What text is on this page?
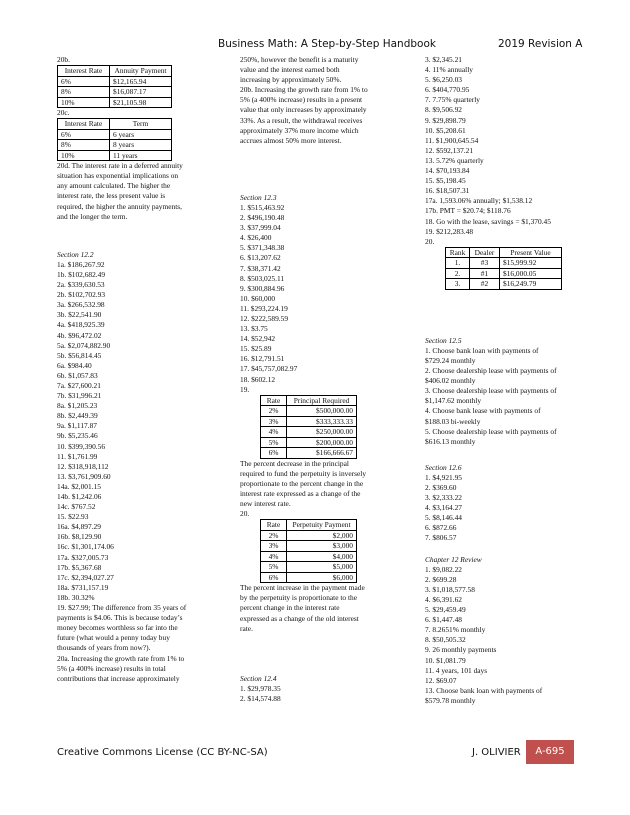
Business Math: A Step-by-Step Handbook	2019 Revision A
20b.
Interest Rate	Annuity Payment
6%	$12,165.94
8%	$16,087.17
10%	$21,105.98
20c.
Interest Rate	Term
6%	6 years
8%	8 years
10%	11 years
20d. The interest rate in a deferred annuity
situation has exponential implications on
any amount calculated. The higher the
interest rate, the less present value is
required, the higher the annuity payments,
and the longer the term.
Section 12.2
1a. $186,267.92
1b. $102,682.49
2a. $339,630.53
2b. $102,702.93
3a. $266,532.98
3b. $22,541.90
4a. $418,925.39
4b. $96,472.02
5a. $2,074,882.90
5b. $56,814.45
6a. $984.40
6b. $1,057.83
7a. $27,600.21
7b. $31,996.21
8a. $1,205.23
8b. $2,449.39
9a. $1,117.87
9b. $5,235.46
10. $399,390.56
11. $1,761.99
12. $318,918,112
13. $3,761,909.60
14a. $2,001.15
14b. $1,242.06
14c. $767.52
15. $22.93
16a. $4,897.29
16b. $8,129.90
16c. $1,301,174.06
17a. $327,005.73
17b. $5,367.68
17c. $2,394,027.27
18a. $731,157.19
18b. 30.32%
19. $27.99; The difference from 35 years of
payments is $4.06. This is because today’s
money becomes worthless so far into the
future (what would a penny today buy
thousands of years from now?).
20a. Increasing the growth rate from 1% to
5% (a 400% increase) results in total
contributions that increase approximately
250%, however the benefit is a maturity
value and the interest earned both
increasing by approximately 50%.
20b. Increasing the growth rate from 1% to
5% (a 400% increase) results in a present
value that only increases by approximately
33%. As a result, the withdrawal receives
approximately 37% more income which
accrues almost 50% more interest.
Section 12.3
1. $515,463.92
2. $496,190.48
3. $37,999.04
4. $26,400
5. $371,348.38
6. $13,207.62
7. $38,371.42
8. $503,025.11
9. $300,884.96
10. $60,000
11. $293,224.19
12. $222,589.59
13. $3.75
14. $52,942
15. $25.89
16. $12,791.51
17. $45,757,082.97
18. $602.12
19.
Rate	Principal Required
2%	$500,000.00
3%	$333,333.33
4%	$250,000.00
5%	$200,000.00
6%	$166,666.67
The percent decrease in the principal
required to fund the perpetuity is inversely
proportionate to the percent change in the
interest rate expressed as a change of the
new interest rate.
20.
Rate	Perpetuity Payment
2%	$2,000
3%	$3,000
4%	$4,000
5%	$5,000
6%	$6,000
The percent increase in the payment made
by the perpetuity is proportionate to the
percent change in the interest rate
expressed as a change of the old interest
rate.
Section 12.4
1. $29,978.35
2. $14,574.88
3. $2,345.21
4. 11% annually
5. $6,250.03
6. $404,770.95
7. 7.75% quarterly
8. $9,506.92
9. $29,898.79
10. $5,208.61
11. $1,900,645.54
12. $592,137.21
13. 5.72% quarterly
14. $70,193.84
15. $5,198.45
16. $18,507.31
17a. 1,593.06% annually; $1,538.12
17b. PMT = $20.74; $118.76
18. Go with the lease, savings = $1,370.45
19. $212,283.48
20.
Rank	Dealer	Present Value
1.	#3	$15,999.92
2.	#1	$16,000.05
3.	#2	$16,249.79
Section 12.5
1. Choose bank loan with payments of
$729.24 monthly
2. Choose dealership lease with payments of
$406.02 monthly
3. Choose dealership lease with payments of
$1,147.62 monthly
4. Choose bank lease with payments of
$188.03 bi-weekly
5. Choose dealership lease with payments of
$616.13 monthly
Section 12.6
1. $4,921.95
2. $369.60
3. $2,333.22
4. $3,164.27
5. $8,146.44
6. $872.66
7. $806.57
Chapter 12 Review
1. $9,082.22
2. $699.28
3. $1,018,577.58
4. $6,391.62
5. $29,459.49
6. $1,447.48
7. 8.2651% monthly
8. $50,505.32
9. 26 monthly payments
10. $1,081.79
11. 4 years, 101 days
12. $69.07
13. Choose bank loan with payments of
$579.78 monthly
Creative Commons License (CC BY-NC-SA)	J. OLIVIER	A-695
